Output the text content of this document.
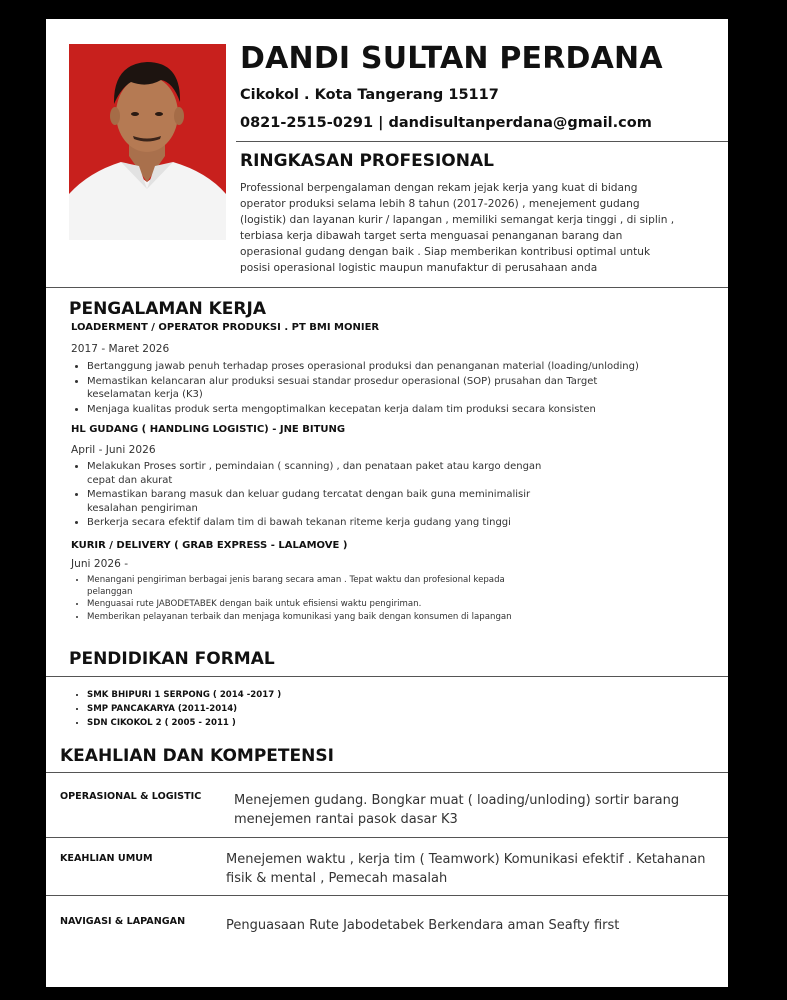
DANDI SULTAN PERDANA
Cikokol . Kota Tangerang 15117
0821-2515-0291 | dandisultanperdana@gmail.com
RINGKASAN PROFESIONAL
Professional berpengalaman dengan rekam jejak kerja yang kuat di bidang operator produksi selama lebih 8 tahun (2017-2026) , menejement gudang (logistik) dan layanan kurir / lapangan , memiliki semangat kerja tinggi , di siplin , terbiasa kerja dibawah target serta menguasai penanganan barang dan operasional gudang dengan baik . Siap memberikan kontribusi optimal untuk posisi operasional logistic maupun manufaktur di perusahaan anda
PENGALAMAN KERJA
LOADERMENT / OPERATOR PRODUKSI . PT BMI MONIER
2017 - Maret 2026
• Bertanggung jawab penuh terhadap proses operasional produksi dan penanganan material (loading/unloding)
• Memastikan kelancaran alur produksi sesuai standar prosedur operasional (SOP) prusahan dan Target keselamatan kerja (K3)
• Menjaga kualitas produk serta mengoptimalkan kecepatan kerja dalam tim produksi secara konsisten
HL GUDANG ( HANDLING LOGISTIC) - JNE BITUNG
April - Juni 2026
• Melakukan Proses sortir , pemindaian ( scanning) , dan penataan paket atau kargo dengan cepat dan akurat
• Memastikan barang masuk dan keluar gudang tercatat dengan baik guna meminimalisir kesalahan pengiriman
• Berkerja secara efektif dalam tim di bawah tekanan riteme kerja gudang yang tinggi
KURIR / DELIVERY ( GRAB EXPRESS - LALAMOVE )
Juni 2026 -
• Menangani pengiriman berbagai jenis barang secara aman . Tepat waktu dan profesional kepada pelanggan
• Menguasai rute JABODETABEK dengan baik untuk efisiensi waktu pengiriman.
• Memberikan pelayanan terbaik dan menjaga komunikasi yang baik dengan konsumen di lapangan
PENDIDIKAN FORMAL
• SMK BHIPURI 1 SERPONG ( 2014 -2017 )
• SMP PANCAKARYA (2011-2014)
• SDN CIKOKOL 2 ( 2005 - 2011 )
KEAHLIAN DAN KOMPETENSI
OPERASIONAL & LOGISTIC	Menejemen gudang. Bongkar muat ( loading/unloding) sortir barang menejemen rantai pasok dasar K3
KEAHLIAN UMUM	Menejemen waktu , kerja tim ( Teamwork) Komunikasi efektif . Ketahanan fisik & mental , Pemecah masalah
NAVIGASI & LAPANGAN	Penguasaan Rute Jabodetabek Berkendara aman Seafty first
